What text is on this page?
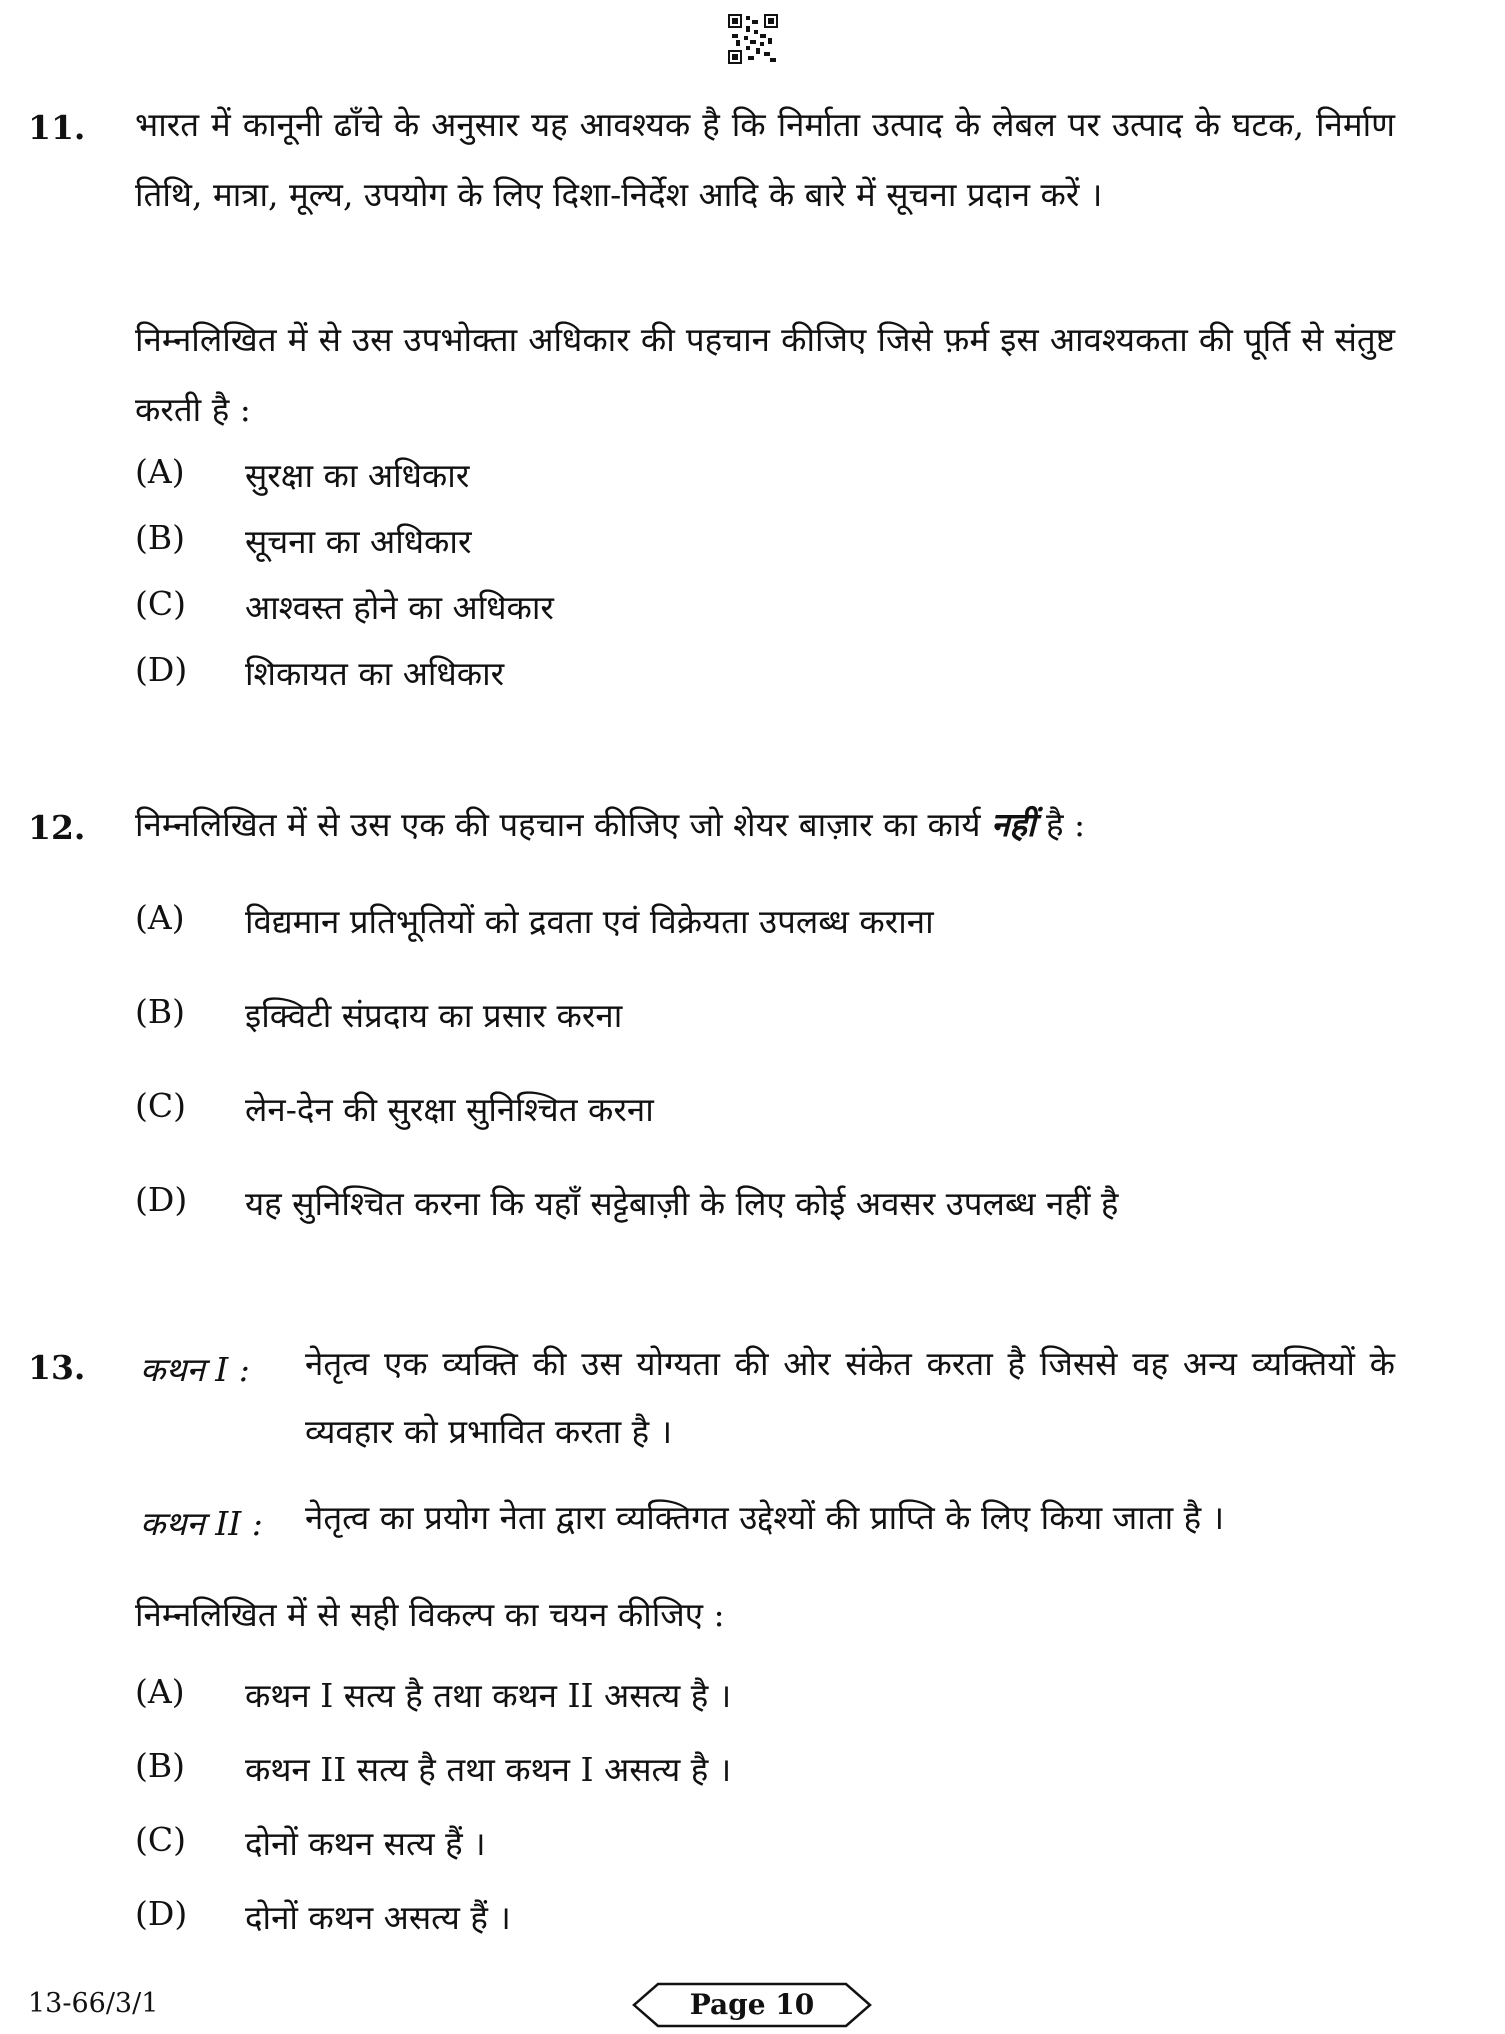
11. भारत में कानूनी ढाँचे के अनुसार यह आवश्यक है कि निर्माता उत्पाद के लेबल पर उत्पाद के घटक, निर्माण तिथि, मात्रा, मूल्य, उपयोग के लिए दिशा-निर्देश आदि के बारे में सूचना प्रदान करें ।
निम्नलिखित में से उस उपभोक्ता अधिकार की पहचान कीजिए जिसे फ़र्म इस आवश्यकता की पूर्ति से संतुष्ट करती है :
(A)	सुरक्षा का अधिकार
(B)	सूचना का अधिकार
(C)	आश्वस्त होने का अधिकार
(D)	शिकायत का अधिकार
12. निम्नलिखित में से उस एक की पहचान कीजिए जो शेयर बाज़ार का कार्य नहीं है :
(A)	विद्यमान प्रतिभूतियों को द्रवता एवं विक्रेयता उपलब्ध कराना
(B)	इक्विटी संप्रदाय का प्रसार करना
(C)	लेन-देन की सुरक्षा सुनिश्चित करना
(D)	यह सुनिश्चित करना कि यहाँ सट्टेबाज़ी के लिए कोई अवसर उपलब्ध नहीं है
13. कथन I : नेतृत्व एक व्यक्ति की उस योग्यता की ओर संकेत करता है जिससे वह अन्य व्यक्तियों के व्यवहार को प्रभावित करता है ।
कथन II : नेतृत्व का प्रयोग नेता द्वारा व्यक्तिगत उद्देश्यों की प्राप्ति के लिए किया जाता है ।
निम्नलिखित में से सही विकल्प का चयन कीजिए :
(A)	कथन I सत्य है तथा कथन II असत्य है ।
(B)	कथन II सत्य है तथा कथन I असत्य है ।
(C)	दोनों कथन सत्य हैं ।
(D)	दोनों कथन असत्य हैं ।
13-66/3/1	Page 10
